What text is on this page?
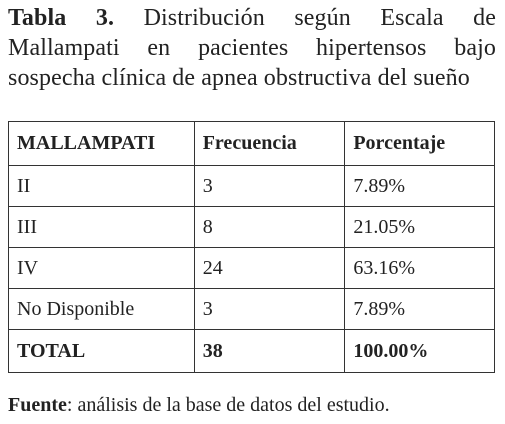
Tabla 3. Distribución según Escala de Mallampati en pacientes hipertensos bajo sospecha clínica de apnea obstructiva del sueño
MALLAMPATI	Frecuencia	Porcentaje
II	3	7.89%
III	8	21.05%
IV	24	63.16%
No Disponible	3	7.89%
TOTAL	38	100.00%
Fuente: análisis de la base de datos del estudio.
